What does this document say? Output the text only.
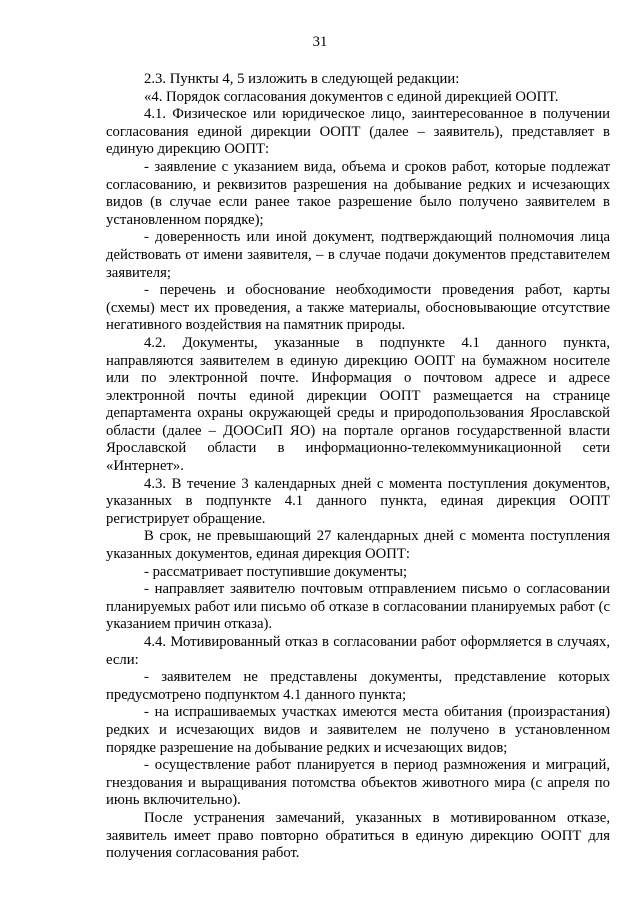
31

2.3. Пункты 4, 5 изложить в следующей редакции:

«4. Порядок согласования документов с единой дирекцией ООПТ.

4.1. Физическое или юридическое лицо, заинтересованное в получении согласования единой дирекции ООПТ (далее – заявитель), представляет в единую дирекцию ООПТ:

- заявление с указанием вида, объема и сроков работ, которые подлежат согласованию, и реквизитов разрешения на добывание редких и исчезающих видов (в случае если ранее такое разрешение было получено заявителем в установленном порядке);

- доверенность или иной документ, подтверждающий полномочия лица действовать от имени заявителя, – в случае подачи документов представителем заявителя;

- перечень и обоснование необходимости проведения работ, карты (схемы) мест их проведения, а также материалы, обосновывающие отсутствие негативного воздействия на памятник природы.

4.2. Документы, указанные в подпункте 4.1 данного пункта, направляются заявителем в единую дирекцию ООПТ на бумажном носителе или по электронной почте. Информация о почтовом адресе и адресе электронной почты единой дирекции ООПТ размещается на странице департамента охраны окружающей среды и природопользования Ярославской области (далее – ДООСиП ЯО) на портале органов государственной власти Ярославской области в информационно-телекоммуникационной сети «Интернет».

4.3. В течение 3 календарных дней с момента поступления документов, указанных в подпункте 4.1 данного пункта, единая дирекция ООПТ регистрирует обращение.

В срок, не превышающий 27 календарных дней с момента поступления указанных документов, единая дирекция ООПТ:

- рассматривает поступившие документы;

- направляет заявителю почтовым отправлением письмо о согласовании планируемых работ или письмо об отказе в согласовании планируемых работ (с указанием причин отказа).

4.4. Мотивированный отказ в согласовании работ оформляется в случаях, если:

- заявителем не представлены документы, представление которых предусмотрено подпунктом 4.1 данного пункта;

- на испрашиваемых участках имеются места обитания (произрастания) редких и исчезающих видов и заявителем не получено в установленном порядке разрешение на добывание редких и исчезающих видов;

- осуществление работ планируется в период размножения и миграций, гнездования и выращивания потомства объектов животного мира (с апреля по июнь включительно).

После устранения замечаний, указанных в мотивированном отказе, заявитель имеет право повторно обратиться в единую дирекцию ООПТ для получения согласования работ.
